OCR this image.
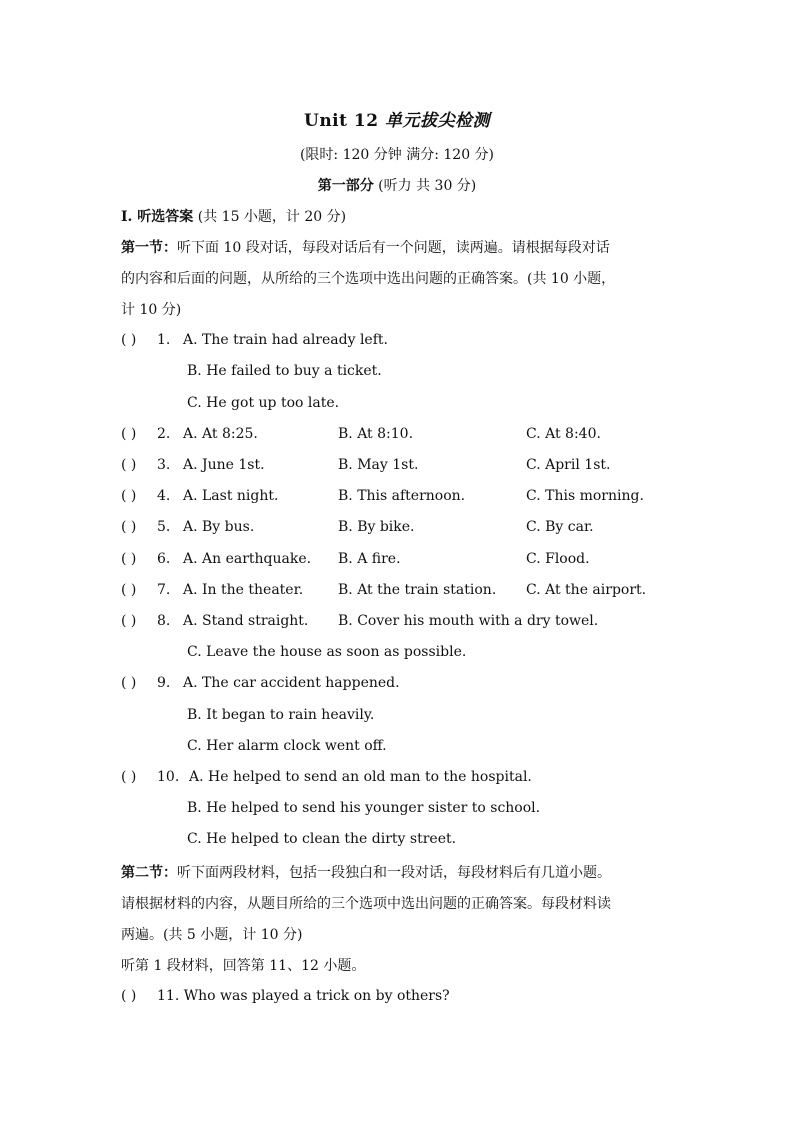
Unit 12 单元拔尖检测
(限时: 120 分钟 满分: 120 分)
第一部分 (听力 共 30 分)
I. 听选答案 (共 15 小题，计 20 分)
第一节：听下面 10 段对话，每段对话后有一个问题，读两遍。请根据每段对话
的内容和后面的问题，从所给的三个选项中选出问题的正确答案。(共 10 小题，
计 10 分)
( ) 1. A. The train had already left.
B. He failed to buy a ticket.
C. He got up too late.
( ) 2. A. At 8:25.	B. At 8:10.	C. At 8:40.
( ) 3. A. June 1st.	B. May 1st.	C. April 1st.
( ) 4. A. Last night.	B. This afternoon.	C. This morning.
( ) 5. A. By bus.	B. By bike.	C. By car.
( ) 6. A. An earthquake. B. A fire.	C. Flood.
( ) 7. A. In the theater. B. At the train station. C. At the airport.
( ) 8. A. Stand straight. B. Cover his mouth with a dry towel.
C. Leave the house as soon as possible.
( ) 9. A. The car accident happened.
B. It began to rain heavily.
C. Her alarm clock went off.
( ) 10. A. He helped to send an old man to the hospital.
B. He helped to send his younger sister to school.
C. He helped to clean the dirty street.
第二节：听下面两段材料，包括一段独白和一段对话，每段材料后有几道小题。
请根据材料的内容，从题目所给的三个选项中选出问题的正确答案。每段材料读
两遍。(共 5 小题，计 10 分)
听第 1 段材料，回答第 11、12 小题。
( ) 11. Who was played a trick on by others?
